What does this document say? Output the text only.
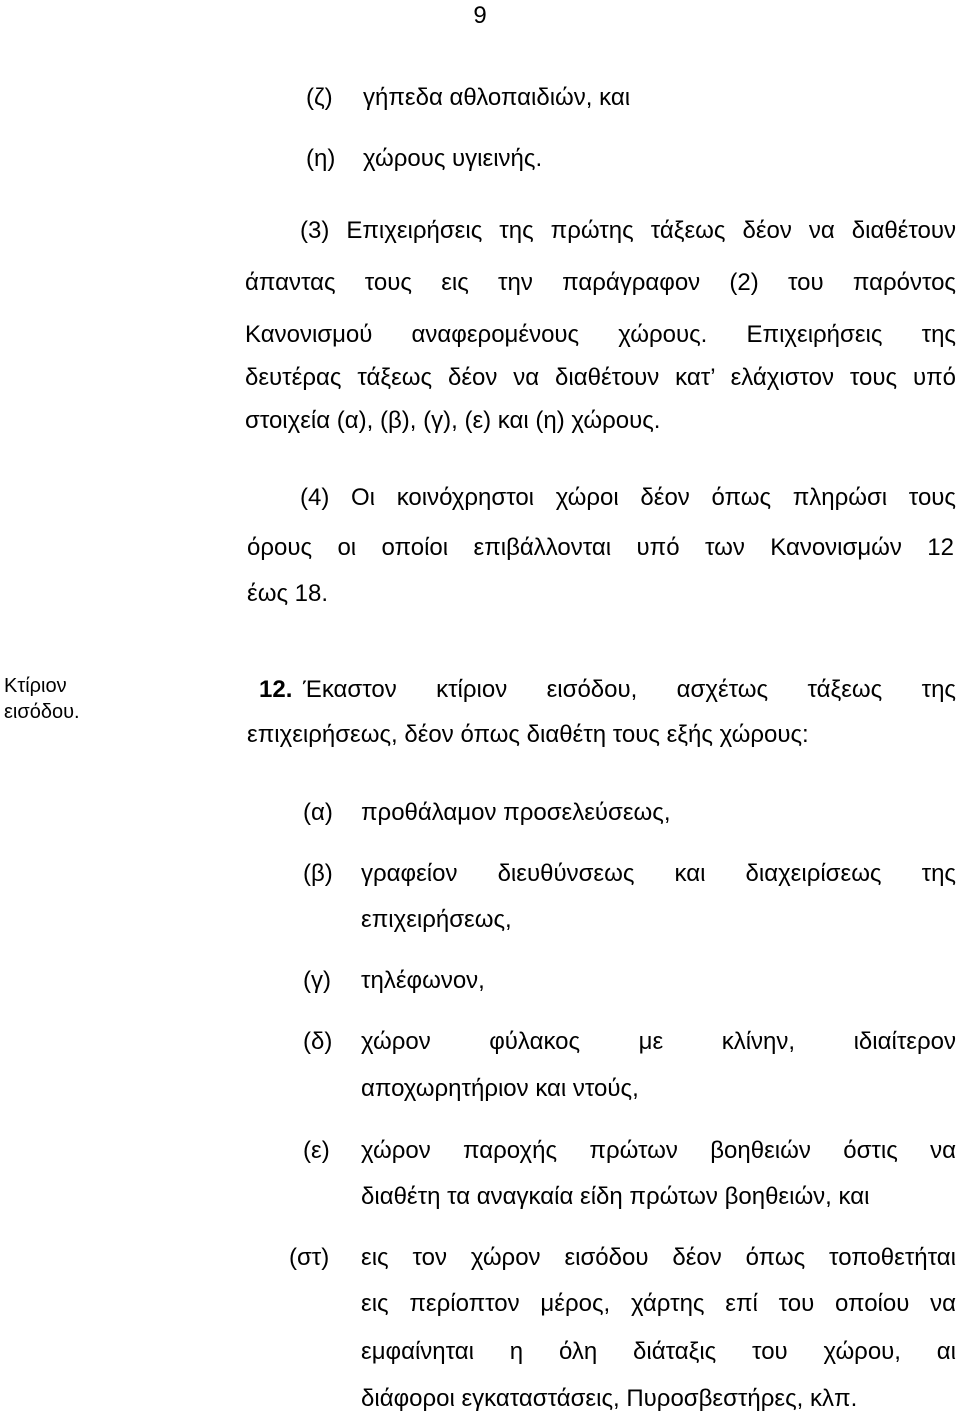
9
(ζ) γήπεδα αθλοπαιδιών, και
(η) χώρους υγιεινής.
(3) Επιχειρήσεις της πρώτης τάξεως δέον να διαθέτουν
άπαντας τους εις την παράγραφον (2) του παρόντος
Κανονισμού αναφερομένους χώρους. Επιχειρήσεις της
δευτέρας τάξεως δέον να διαθέτουν κατ’ ελάχιστον τους υπό
στοιχεία (α), (β), (γ), (ε) και (η) χώρους.
(4) Οι κοινόχρηστοι χώροι δέον όπως πληρώσι τους
όρους οι οποίοι επιβάλλονται υπό των Κανονισμών 12
έως 18.
Κτίριον
εισόδου.
12. Έκαστον κτίριον εισόδου, ασχέτως τάξεως της
επιχειρήσεως, δέον όπως διαθέτη τους εξής χώρους:
(α) προθάλαμον προσελεύσεως,
(β) γραφείον διευθύνσεως και διαχειρίσεως της
επιχειρήσεως,
(γ) τηλέφωνον,
(δ) χώρον φύλακος με κλίνην, ιδιαίτερον
αποχωρητήριον και ντούς,
(ε) χώρον παροχής πρώτων βοηθειών όστις να
διαθέτη τα αναγκαία είδη πρώτων βοηθειών, και
(στ) εις τον χώρον εισόδου δέον όπως τοποθετήται
εις περίοπτον μέρος, χάρτης επί του οποίου να
εμφαίνηται η όλη διάταξις του χώρου, αι
διάφοροι εγκαταστάσεις, Πυροσβεστήρες, κλπ.
